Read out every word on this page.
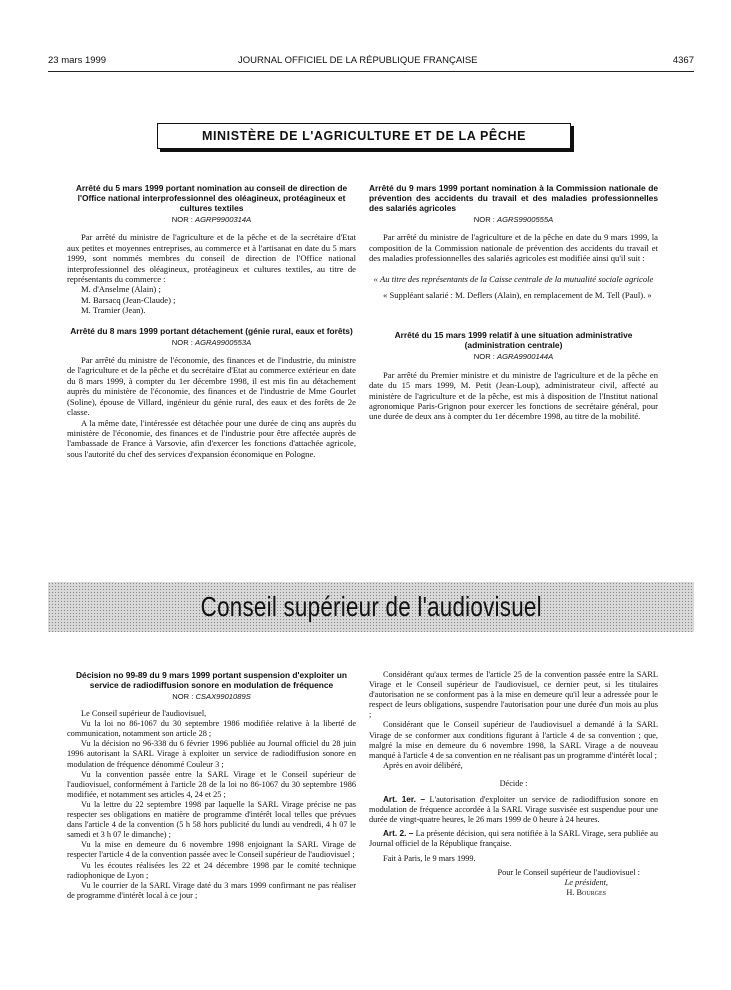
23 mars 1999	JOURNAL OFFICIEL DE LA RÉPUBLIQUE FRANÇAISE	4367
MINISTÈRE DE L'AGRICULTURE ET DE LA PÊCHE

Arrêté du 5 mars 1999 portant nomination au conseil de direction de l'Office national interprofessionnel des oléagineux, protéagineux et cultures textiles

NOR : AGRP9900314A

Par arrêté du ministre de l'agriculture et de la pêche et de la secrétaire d'Etat aux petites et moyennes entreprises, au commerce et à l'artisanat en date du 5 mars 1999, sont nommés membres du conseil de direction de l'Office national interprofessionnel des oléagineux, protéagineux et cultures textiles, au titre de représentants du commerce :

M. d'Anselme (Alain) ;

M. Barsacq (Jean-Claude) ;

M. Tramier (Jean).

Arrêté du 8 mars 1999 portant détachement (génie rural, eaux et forêts)

NOR : AGRA9900553A

Par arrêté du ministre de l'économie, des finances et de l'industrie, du ministre de l'agriculture et de la pêche et du secrétaire d'Etat au commerce extérieur en date du 8 mars 1999, à compter du 1er décembre 1998, il est mis fin au détachement auprès du ministère de l'économie, des finances et de l'industrie de Mme Gourlet (Soline), épouse de Villard, ingénieur du génie rural, des eaux et des forêts de 2e classe.

A la même date, l'intéressée est détachée pour une durée de cinq ans auprès du ministère de l'économie, des finances et de l'industrie pour être affectée auprès de l'ambassade de France à Varsovie, afin d'exercer les fonctions d'attachée agricole, sous l'autorité du chef des services d'expansion économique en Pologne.

Arrêté du 9 mars 1999 portant nomination à la Commission nationale de prévention des accidents du travail et des maladies professionnelles des salariés agricoles

NOR : AGRS9900555A

Par arrêté du ministre de l'agriculture et de la pêche en date du 9 mars 1999, la composition de la Commission nationale de prévention des accidents du travail et des maladies professionnelles des salariés agricoles est modifiée ainsi qu'il suit :

« Au titre des représentants de la Caisse centrale de la mutualité sociale agricole

« Suppléant salarié : M. Deflers (Alain), en remplacement de M. Tell (Paul). »

Arrêté du 15 mars 1999 relatif à une situation administrative (administration centrale)

NOR : AGRA9900144A

Par arrêté du Premier ministre et du ministre de l'agriculture et de la pêche en date du 15 mars 1999, M. Petit (Jean-Loup), administrateur civil, affecté au ministère de l'agriculture et de la pêche, est mis à disposition de l'Institut national agronomique Paris-Grignon pour exercer les fonctions de secrétaire général, pour une durée de deux ans à compter du 1er décembre 1998, au titre de la mobilité.

Conseil supérieur de l'audiovisuel

Décision no 99-89 du 9 mars 1999 portant suspension d'exploiter un service de radiodiffusion sonore en modulation de fréquence

NOR : CSAX9901089S

Le Conseil supérieur de l'audiovisuel,

Vu la loi no 86-1067 du 30 septembre 1986 modifiée relative à la liberté de communication, notamment son article 28 ;

Vu la décision no 96-338 du 6 février 1996 publiée au Journal officiel du 28 juin 1996 autorisant la SARL Virage à exploiter un service de radiodiffusion sonore en modulation de fréquence dénommé Couleur 3 ;

Vu la convention passée entre la SARL Virage et le Conseil supérieur de l'audiovisuel, conformément à l'article 28 de la loi no 86-1067 du 30 septembre 1986 modifiée, et notamment ses articles 4, 24 et 25 ;

Vu la lettre du 22 septembre 1998 par laquelle la SARL Virage précise ne pas respecter ses obligations en matière de programme d'intérêt local telles que prévues dans l'article 4 de la convention (5 h 58 hors publicité du lundi au vendredi, 4 h 07 le samedi et 3 h 07 le dimanche) ;

Vu la mise en demeure du 6 novembre 1998 enjoignant la SARL Virage de respecter l'article 4 de la convention passée avec le Conseil supérieur de l'audiovisuel ;

Vu les écoutes réalisées les 22 et 24 décembre 1998 par le comité technique radiophonique de Lyon ;

Vu le courrier de la SARL Virage daté du 3 mars 1999 confirmant ne pas réaliser de programme d'intérêt local à ce jour ;

Considérant qu'aux termes de l'article 25 de la convention passée entre la SARL Virage et le Conseil supérieur de l'audiovisuel, ce dernier peut, si les titulaires d'autorisation ne se conforment pas à la mise en demeure qu'il leur a adressée pour le respect de leurs obligations, suspendre l'autorisation pour une durée d'un mois au plus ;

Considérant que le Conseil supérieur de l'audiovisuel a demandé à la SARL Virage de se conformer aux conditions figurant à l'article 4 de sa convention ; que, malgré la mise en demeure du 6 novembre 1998, la SARL Virage a de nouveau manqué à l'article 4 de sa convention en ne réalisant pas un programme d'intérêt local ;

Après en avoir délibéré,

Décide :

Art. 1er. – L'autorisation d'exploiter un service de radiodiffusion sonore en modulation de fréquence accordée à la SARL Virage susvisée est suspendue pour une durée de vingt-quatre heures, le 26 mars 1999 de 0 heure à 24 heures.

Art. 2. – La présente décision, qui sera notifiée à la SARL Virage, sera publiée au Journal officiel de la République française.

Fait à Paris, le 9 mars 1999.

Pour le Conseil supérieur de l'audiovisuel :

Le président,

H. Bourges
